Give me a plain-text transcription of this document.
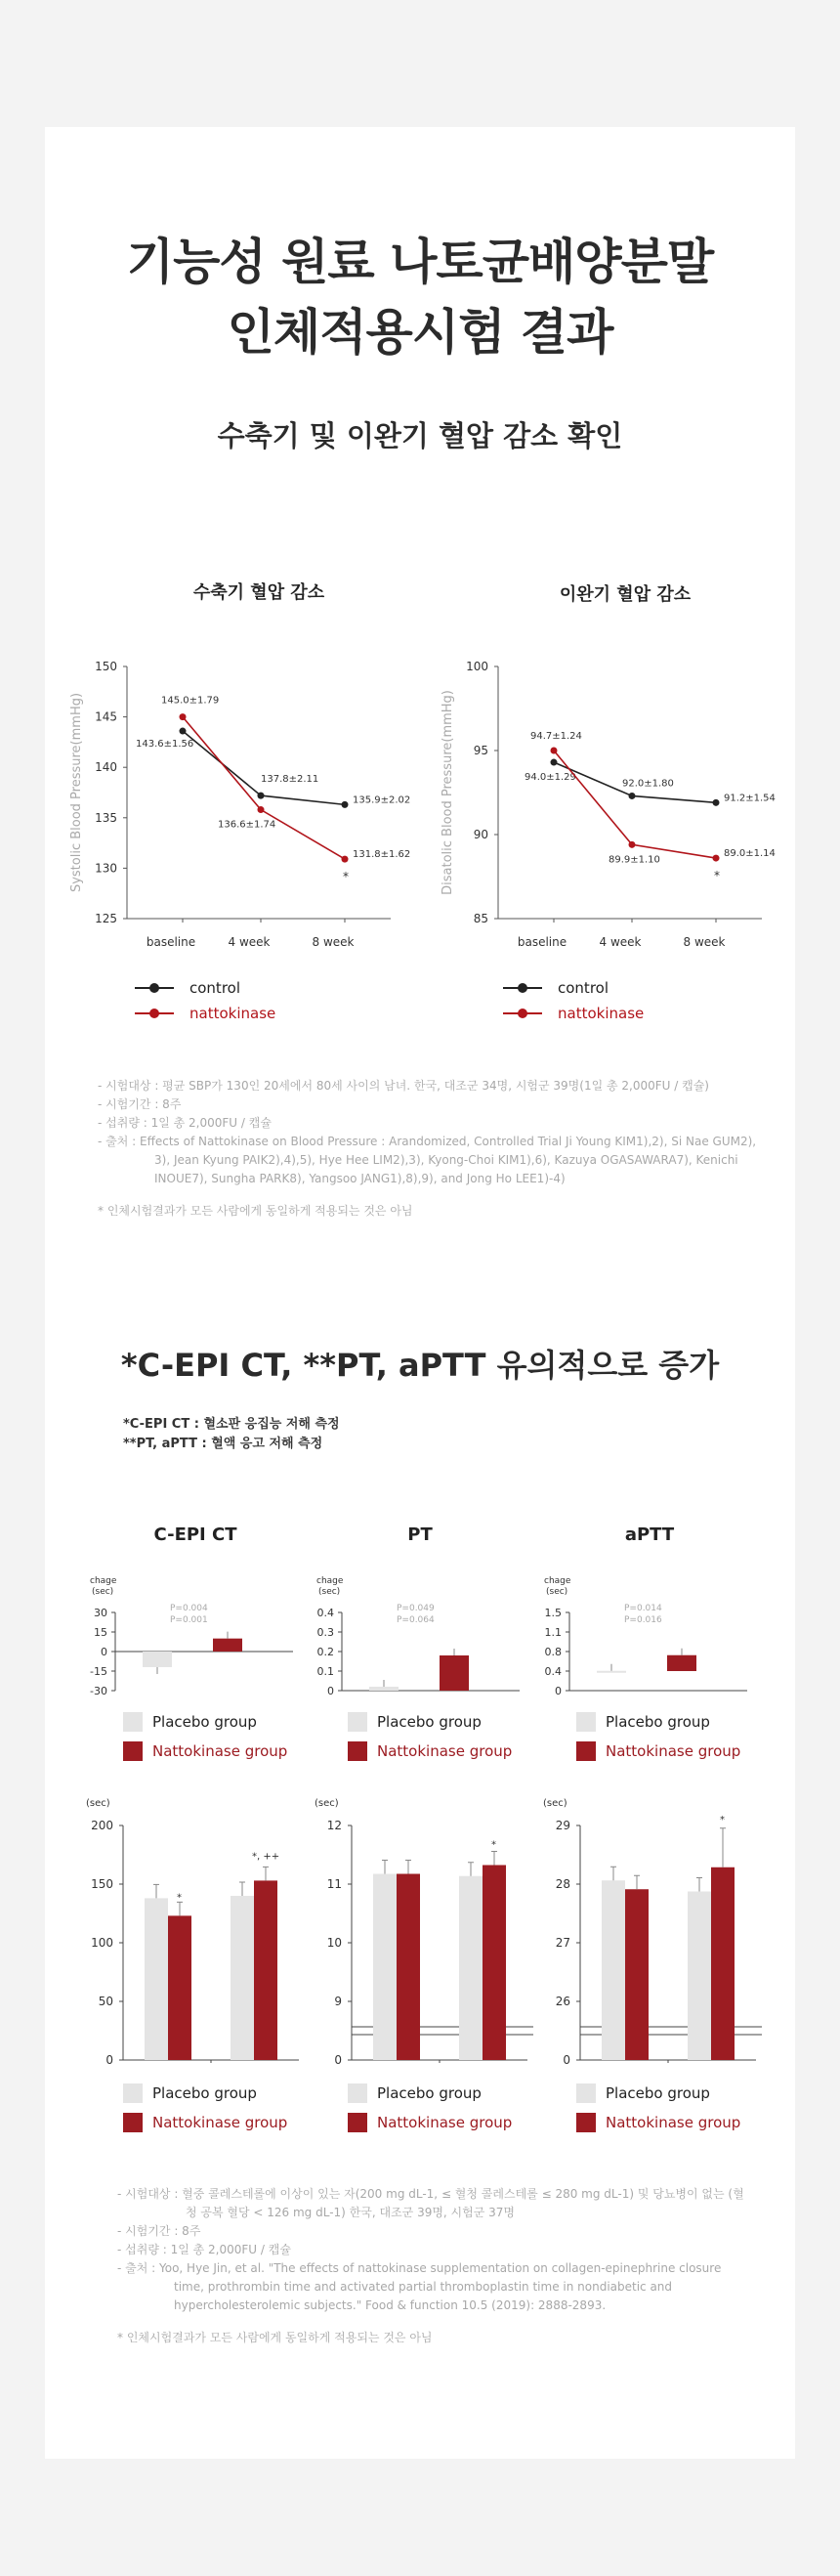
기능성 원료 나토균배양분말
인체적용시험 결과
수축기 및 이완기 혈압 감소 확인
수축기 혈압 감소	이완기 혈압 감소
125
130
135
140
145
150
baseline	4 week	8 week
Systolic Blood Pressure(mmHg)	143.6±1.56
137.8±2.11
135.9±2.02
145.0±1.79
136.6±1.74
131.8±1.62
*
85
90
95
100
baseline	4 week	8 week
Disatolic Blood Pressure(mmHg)	94.0±1.29
92.0±1.80
91.2±1.54
94.7±1.24
89.9±1.10
89.0±1.14
*
control
nattokinase
control
nattokinase
- 시험대상 : 평균 SBP가 130인 20세에서 80세 사이의 남녀. 한국, 대조군 34명, 시험군 39명(1일 총 2,000FU / 캡슐)
- 시험기간 : 8주
- 섭취량 : 1일 총 2,000FU / 캡슐
- 출처 : Effects of Nattokinase on Blood Pressure : Arandomized, Controlled Trial Ji Young KIM1),2), Si Nae GUM2), 3), Jean Kyung PAIK2),4),5), Hye Hee LIM2),3), Kyong-Choi KIM1),6), Kazuya OGASAWARA7), Kenichi INOUE7), Sungha PARK8), Yangsoo JANG1),8),9), and Jong Ho LEE1)-4)
* 인체시험결과가 모든 사람에게 동일하게 적용되는 것은 아님
*C-EPI CT, **PT, aPTT 유의적으로 증가
*C-EPI CT : 혈소판 응집능 저해 측정
**PT, aPTT : 혈액 응고 저해 측정
C-EPI CT	PT	aPTT
chage
(sec)
30
15
0
-15
-30
P=0.004
P=0.001
chage
(sec)
0.4
0.3
0.2
0.1
0
P=0.049
P=0.064
chage
(sec)
1.5
1.1
0.8
0.4
0
P=0.014
P=0.016
Placebo group
Nattokinase group
Placebo group
Nattokinase group
Placebo group
Nattokinase group
Placebo group
Nattokinase group
Placebo group
Nattokinase group
Placebo group
Nattokinase group
(sec)
200
150
100
50
0
*
*, ++
(sec)
12
11
10
9
0
*
(sec)
29
28
27
26
0
*
- 시험대상 : 혈중 콜레스테롤에 이상이 있는 자(200 mg dL-1, ≤ 혈청 콜레스테롤 ≤ 280 mg dL-1) 및 당뇨병이 없는 (혈청 공복 혈당 < 126 mg dL-1) 한국, 대조군 39명, 시험군 37명
- 시험기간 : 8주
- 섭취량 : 1일 총 2,000FU / 캡슐
- 출처 : Yoo, Hye Jin, et al. "The effects of nattokinase supplementation on collagen-epinephrine closure time, prothrombin time and activated partial thromboplastin time in nondiabetic and hypercholesterolemic subjects." Food & function 10.5 (2019): 2888-2893.
* 인체시험결과가 모든 사람에게 동일하게 적용되는 것은 아님
